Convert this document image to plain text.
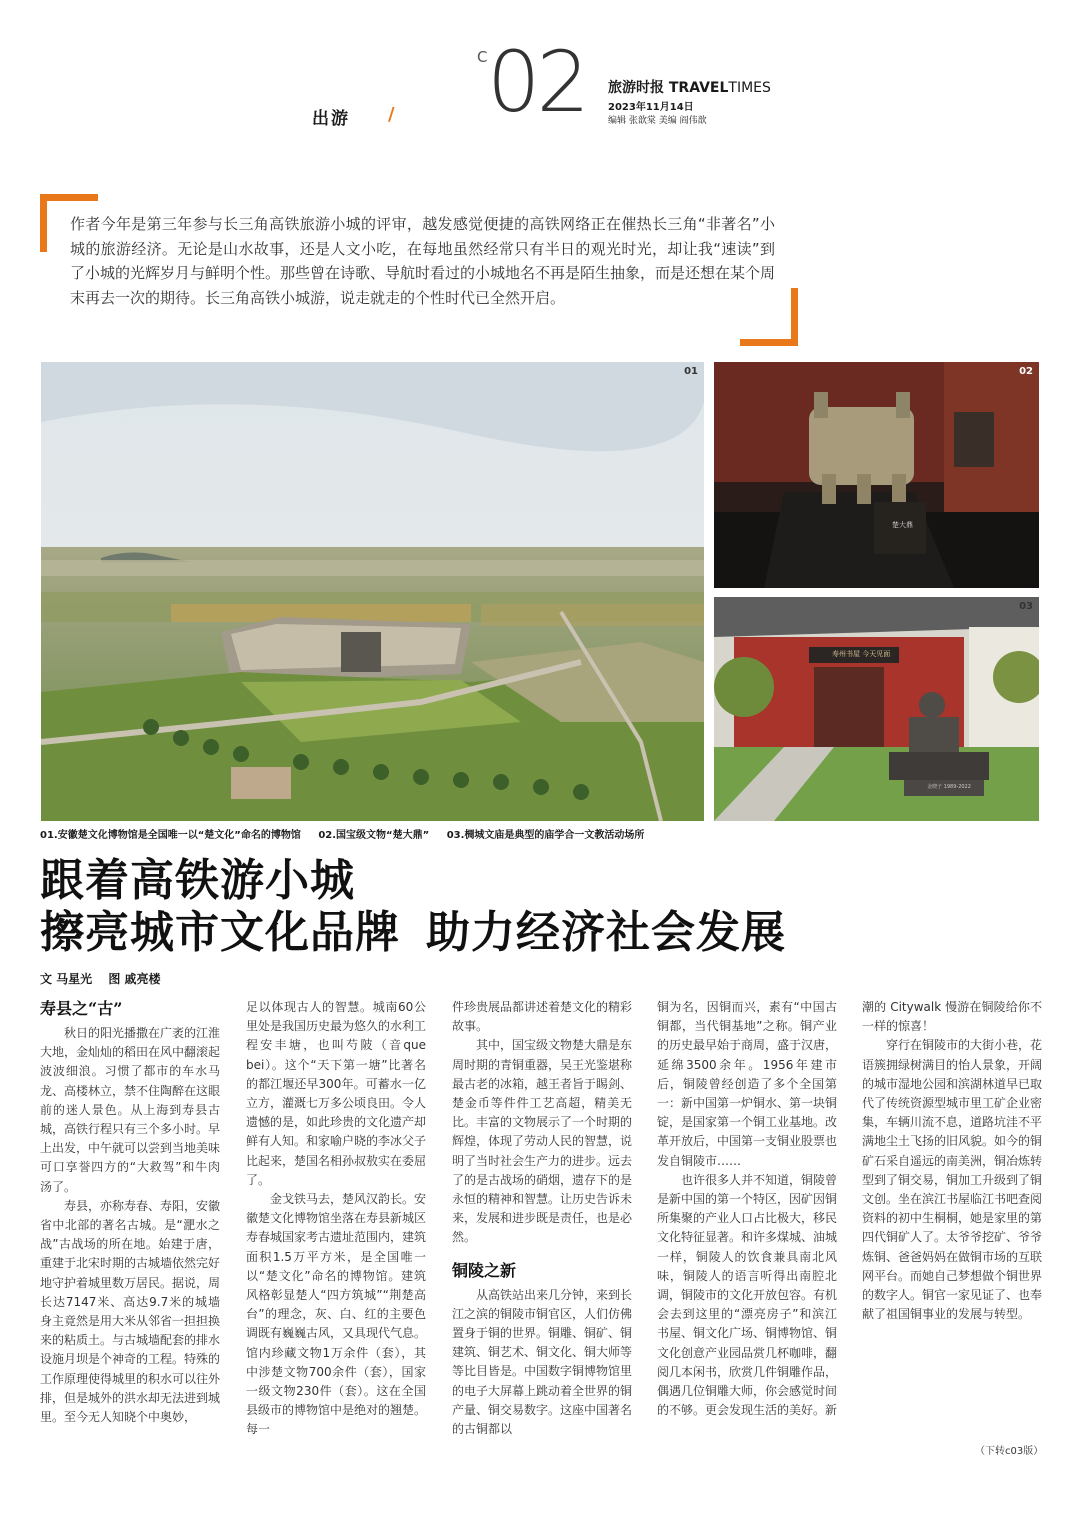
出游 /
C 02 旅游时报 TRAVELTIMES
2023年11月14日
编辑 张歆棠 美编 阎伟歆
作者今年是第三年参与长三角高铁旅游小城的评审，越发感觉便捷的高铁网络正在催热长三角“非著名”小城的旅游经济。无论是山水故事，还是人文小吃，在每地虽然经常只有半日的观光时光，却让我“速读”到了小城的光辉岁月与鲜明个性。那些曾在诗歌、导航时看过的小城地名不再是陌生抽象，而是还想在某个周末再去一次的期待。长三角高铁小城游，说走就走的个性时代已全然开启。
01
楚大鼎
02
寿州书屋 今天见面
金晓子 1989-2022
03
01.安徽楚文化博物馆是全国唯一以“楚文化”命名的博物馆 02.国宝级文物“楚大鼎” 03.椆城文庙是典型的庙学合一文教活动场所
跟着高铁游小城
擦亮城市文化品牌 助力经济社会发展
文 马星光 图 戚亮楼
寿县之“古”

秋日的阳光播撒在广袤的江淮大地，金灿灿的稻田在风中翻滚起波波细浪。习惯了都市的车水马龙、高楼林立，禁不住陶醉在这眼前的迷人景色。从上海到寿县古城，高铁行程只有三个多小时。早上出发，中午就可以尝到当地美味可口享誉四方的“大救驾”和牛肉汤了。

寿县，亦称寿春、寿阳，安徽省中北部的著名古城。是“淝水之战”古战场的所在地。始建于唐，重建于北宋时期的古城墙依然完好地守护着城里数万居民。据说，周长达7147米、高达9.7米的城墙身主竟然是用大米从邻省一担担换来的粘质土。与古城墙配套的排水设施月坝是个神奇的工程。特殊的工作原理使得城里的积水可以往外排，但是城外的洪水却无法进到城里。至今无人知晓个中奥妙，

足以体现古人的智慧。城南60公里处是我国历史最为悠久的水利工程安丰塘，也叫芍陂（音que bei）。这个“天下第一塘”比著名的都江堰还早300年。可蓄水一亿立方，灌溉七万多公顷良田。令人遗憾的是，如此珍贵的文化遗产却鲜有人知。和家喻户晓的李冰父子比起来，楚国名相孙叔敖实在委屈了。

金戈铁马去，楚风汉韵长。安徽楚文化博物馆坐落在寿县新城区寿春城国家考古遗址范围内，建筑面积1.5万平方米，是全国唯一以“楚文化”命名的博物馆。建筑风格彰显楚人“四方筑城”“荆楚高台”的理念，灰、白、红的主要色调既有巍巍古风，又具现代气息。馆内珍藏文物1万余件（套），其中涉楚文物700余件（套），国家一级文物230件（套）。这在全国县级市的博物馆中是绝对的翘楚。每一

件珍贵展品都讲述着楚文化的精彩故事。

其中，国宝级文物楚大鼎是东周时期的青铜重器，吴王光鉴堪称最古老的冰箱，越王者旨于睗剑、楚金币等件件工艺高超，精美无比。丰富的文物展示了一个时期的辉煌，体现了劳动人民的智慧，说明了当时社会生产力的进步。远去了的是古战场的硝烟，遗存下的是永恒的精神和智慧。让历史告诉未来，发展和进步既是责任，也是必然。

铜陵之新

从高铁站出来几分钟，来到长江之滨的铜陵市铜官区，人们仿佛置身于铜的世界。铜雕、铜矿、铜建筑、铜艺术、铜文化、铜大师等等比目皆是。中国数字铜博物馆里的电子大屏幕上跳动着全世界的铜产量、铜交易数字。这座中国著名的古铜都以

铜为名，因铜而兴，素有“中国古铜都，当代铜基地”之称。铜产业的历史最早始于商周，盛于汉唐，延绵3500余年。1956年建市后，铜陵曾经创造了多个全国第一：新中国第一炉铜水、第一块铜锭，是国家第一个铜工业基地。改革开放后，中国第一支铜业股票也发自铜陵市……

也许很多人并不知道，铜陵曾是新中国的第一个特区，因矿因铜所集聚的产业人口占比极大，移民文化特征显著。和许多煤城、油城一样，铜陵人的饮食兼具南北风味，铜陵人的语言听得出南腔北调，铜陵市的文化开放包容。有机会去到这里的“漂亮房子”和滨江书屋、铜文化广场、铜博物馆、铜文化创意产业园品赏几杯咖啡，翻阅几本闲书，欣赏几件铜雕作品，偶遇几位铜雕大师，你会感觉时间的不够。更会发现生活的美好。新

潮的 Citywalk 慢游在铜陵给你不一样的惊喜！

穿行在铜陵市的大街小巷，花语簇拥绿树满目的怡人景象，开阔的城市湿地公园和滨湖林道早已取代了传统资源型城市里工矿企业密集，车辆川流不息，道路坑洼不平满地尘土飞扬的旧风貌。如今的铜矿石采自遥远的南美洲，铜冶炼转型到了铜交易，铜加工升级到了铜文创。坐在滨江书屋临江书吧查阅资料的初中生桐桐，她是家里的第四代铜矿人了。太爷爷挖矿、爷爷炼铜、爸爸妈妈在做铜市场的互联网平台。而她自己梦想做个铜世界的数字人。铜官一家见证了、也奉献了祖国铜事业的发展与转型。

（下转c03版）
